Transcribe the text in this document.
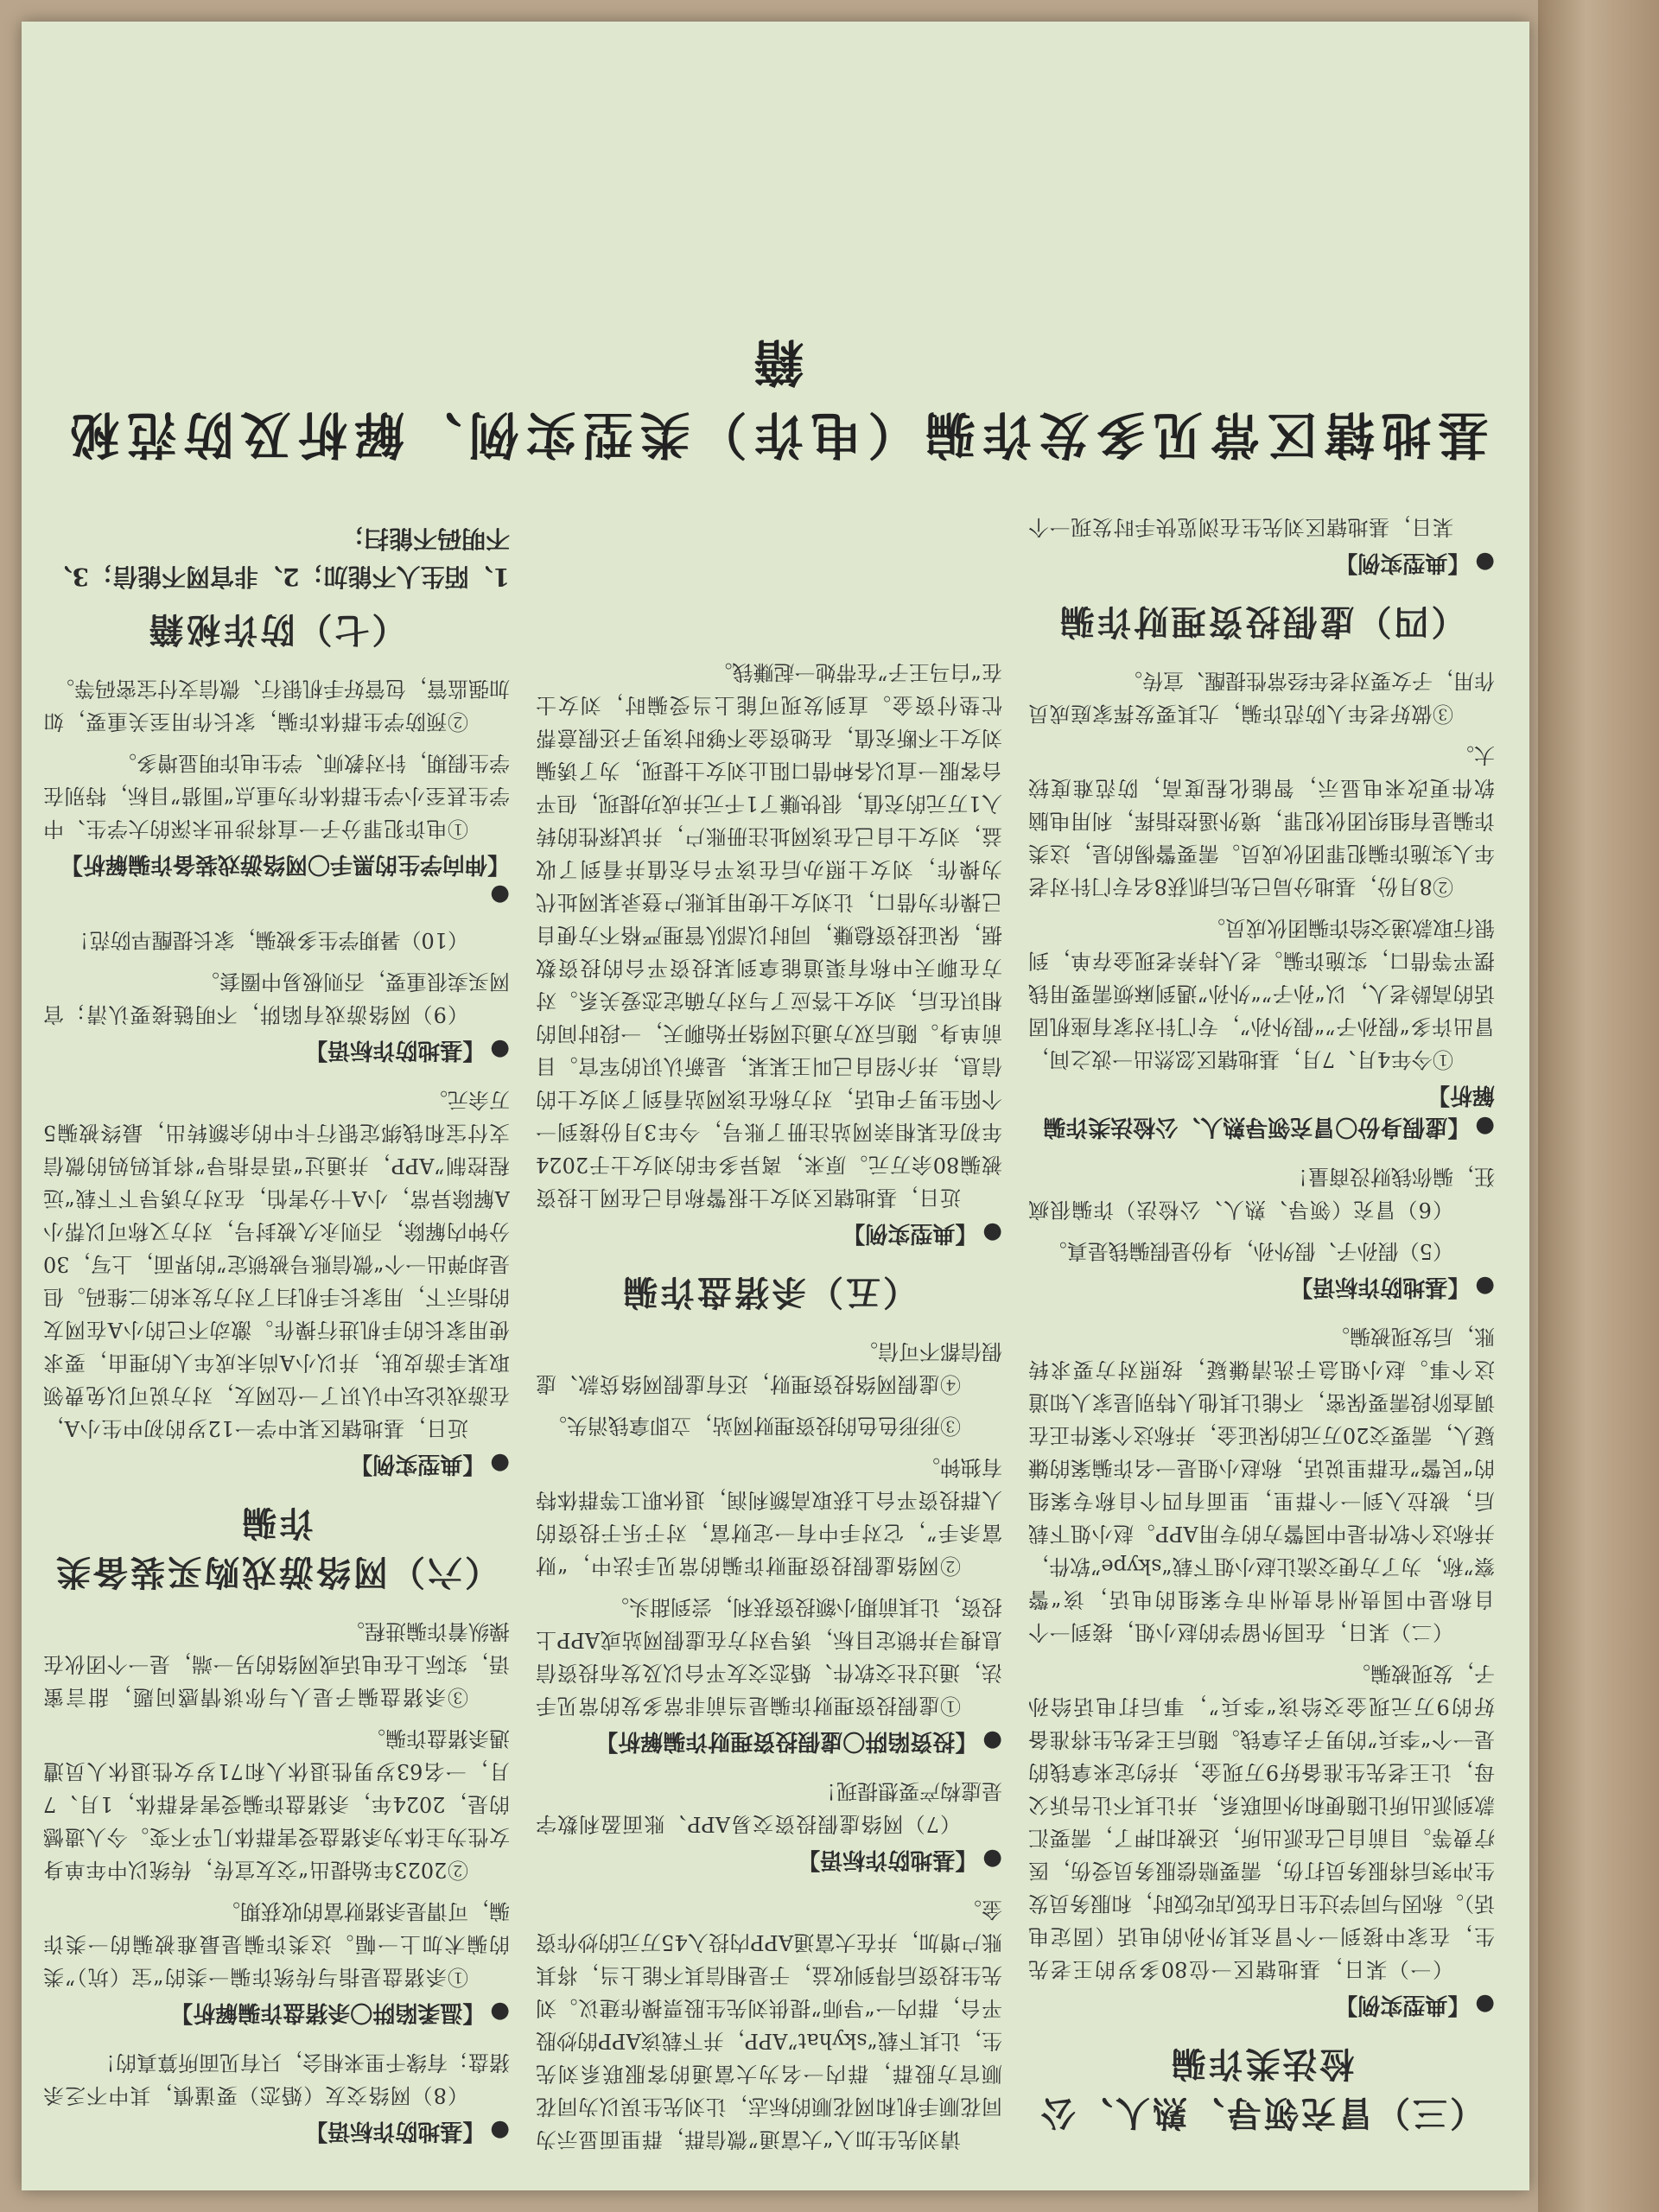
基地辖区常见多发诈骗（电诈）类型实例、解析及防范秘籍
（三）冒充领导、熟人、公检法类诈骗
●【典型实例】

（一）某日，基地辖区一位80多岁的王老先生，在家中接到一个冒充其外孙的电话（固定电话）。称因与同学过生日在饭店吃饭时，和服务员发生冲突后将服务员打伤，需要赔偿服务员受伤，医疗费等。目前自己在派出所，还被扣押了，需要汇款到派出所让随便和外面联系，并让其不让告诉父母，让王老先生准备好9万现金，并约定来拿钱的是一个“李兵”的男子去拿钱。随后王老先生将准备好的9万元现金交给该“李兵”，事后打电话给孙子，发现被骗。

（二）某日，在国外留学的赵小姐，接到一个自称是中国贵州省贵州市专案组的电话，该“警察”称，为了方便交流让赵小姐下载“skype”软件，并称这个软件是中国警方的专用APP。赵小姐下载后，被拉入到一个群里，里面有四个自称专案组的“民警”在群里说话，称赵小姐是一名诈骗案的嫌疑人，需要交20万元的保证金，并称这个案件正在调查阶段需要保密，不能让其他人特别是家人知道这个事。赵小姐急于洗清嫌疑，按照对方要求转账，后发现被骗。

●【基地防诈标语】

（5）假孙子、假外孙，身份是假骗钱是真。

（6）冒充（领导、熟人、公检法）诈骗很疯狂，骗你钱财没商量！

●【虚假身份〇冒充领导熟人、公检法类诈骗解析】

①今年4月、7月，基地辖区忽然出一波之间，冒出许多“假孙子”“假外孙”，专门针对家有座机固话的高龄老人，以“孙子”“外孙”遇到麻烦需要用钱摆平等借口，实施诈骗。老人持养老现金存单，到银行取款递交给诈骗团伙成员。

②8月份，基地分局已先后抓获8名专门针对老年人实施诈骗犯罪团伙成员。需要警惕的是，这类诈骗是有组织团伙犯罪，境外遥控指挥，利用电脑软件更改来电显示，智能化程度高，防范难度较大。

③做好老年人防范诈骗，尤其要发挥家庭成员作用，子女要对老年经常性提醒、宣传。

（四）虚假投资理财诈骗
●【典型实例】

某日，基地辖区刘先生在浏览快手时发现一个

请刘先生加入“大富通”微信群，群里面显示为同花顺手机和网花顺的标志，让刘先生误以为同花顺官方股群，群内一名为大富通的客服联系刘先生，让其下载“skyhat”APP，并下载该APP的炒股平台，群内一“导师”提供刘先生股票操作建议。刘先生投资后得到收益，于是相信其不能上当，将其账户增加，并在大富通APP内投入45万元的炒作资金。

●【基地防诈标语】

（7）网络虚假投资交易APP、账面盈利数字是虚构产要想提现！

●【投资陷阱〇虚假投资理财诈骗解析】

①虚假投资理财诈骗是当前非常多发的常见手法，通过社交软件、婚恋交友平台以及发布投资信息搜寻并锁定目标，诱导对方在虚假网站或APP上投资，让其前期小额投资获利，尝到甜头。

②网络虚假投资理财诈骗的常见手法中，“财富杀手”，它对手中有一定财富，对于乐于投资的人群投资平台上获取高额利润，退休职工等群体特有独钟。

③形形色色的投资理财网站，立即拿钱消失。

④虚假网络投资理财，还有虚假网络贷款、虚假信都不可信。

（五）杀猪盘诈骗
●【典型实例】

近日，基地辖区刘女士报警称自己在网上投资被骗80余万元。原来，离异多年的刘女士于2024年初在某相亲网站注册了账号，今年3月份接到一个陌生男子电话，对方称在该网站看到了刘女士的信息，并介绍自己叫王某某，是新认识的军官。目前单身。随后双方通过网络开始聊天，一段时间的相识在后，刘女士答应了与对方确定恋爱关系。对方在聊天中称有渠道能拿到某投资平台的投资数据，保证投资稳赚，同时以部队管理严格不方便自己操作为借口，让刘女士使用其账户登录某网址代为操作，刘女士照办后在该平台充值并看到了收益，刘女士自己在该网址注册账户，并试探性的转入1万元的充值，很快赚了1千元并成功提现，但平台客服一直以各种借口阻止刘女士提现，为了诱骗刘女士不断充值，在她资金不够时该男子还假意帮忙垫付资金。直到发现可能上当受骗时，刘女士在“白马王子”在带她一起赚钱。

●【基地防诈标语】

（8）网络交友（婚恋）要谨慎，其中不乏杀猪盘；有缘千里来相会，只有见面所算真的！

●【温柔陷阱〇杀猪盘诈骗解析】

①杀猪盘是指与传统诈骗一类的“宝（坑）”类的骗术加上一幅。这类诈骗是最难被骗的一类诈骗，可谓是杀猪财富的收获期。

②2023年始提出“交友宣传，传统以中年单身女性为主体为杀猪盘受害群体几乎不变。今人遗憾的是，2024年，杀猪盘诈骗受害者群体，1月、7月，一名63岁男性退休人和71岁女性退休人员遭遇杀猪盘诈骗。

③杀猪盘骗子是人与你谈情感问题，甜言蜜语，实际上在电话或网络的另一端，是一个团伙在操纵着诈骗进程。

（六）网络游戏购买装备类诈骗
●【典型实例】

近日，基地辖区某中学一12岁的初中生小A，在游戏论坛中认识了一位网友，对方说可以免费领取某手游皮肤，并以小A尚未成年人的理由，要求使用家长的手机进行操作。激动不已的小A在网友的指示下，用家长手机扫了对方发来的二维码。但是却弹出一个“微信账号被锁定”的界面，上写，30分钟内解除，否则永久被封号，对方又称可以帮小A解除异常，小A十分害怕，在对方诱导下下载“远程控制”APP，并通过“语音指导”将其妈妈的微信支付宝和钱绑定银行卡中的余额转出，最终被骗5万余元。

●【基地防诈标语】

（9）网络游戏有陷阱，不明链接要认清；官网买卖很重要，否则极易中圈套。

（10）暑期学生多被骗，家长提醒早防范！

●【伸向学生的黑手〇网络游戏装备诈骗解析】

①电诈犯罪分子一直将涉世未深的大学生、中学生甚至小学生群体作为重点“围猎”目标，特别在学生假期，针对教师、学生电诈明显增多。

②预防学生群体诈骗，家长作用至关重要，如加强监管，包管好手机银行、微信支付宝密码等。

（七）防诈秘籍
1、陌生人不能加；2、非官网不能信；3、不明码不能扫；
